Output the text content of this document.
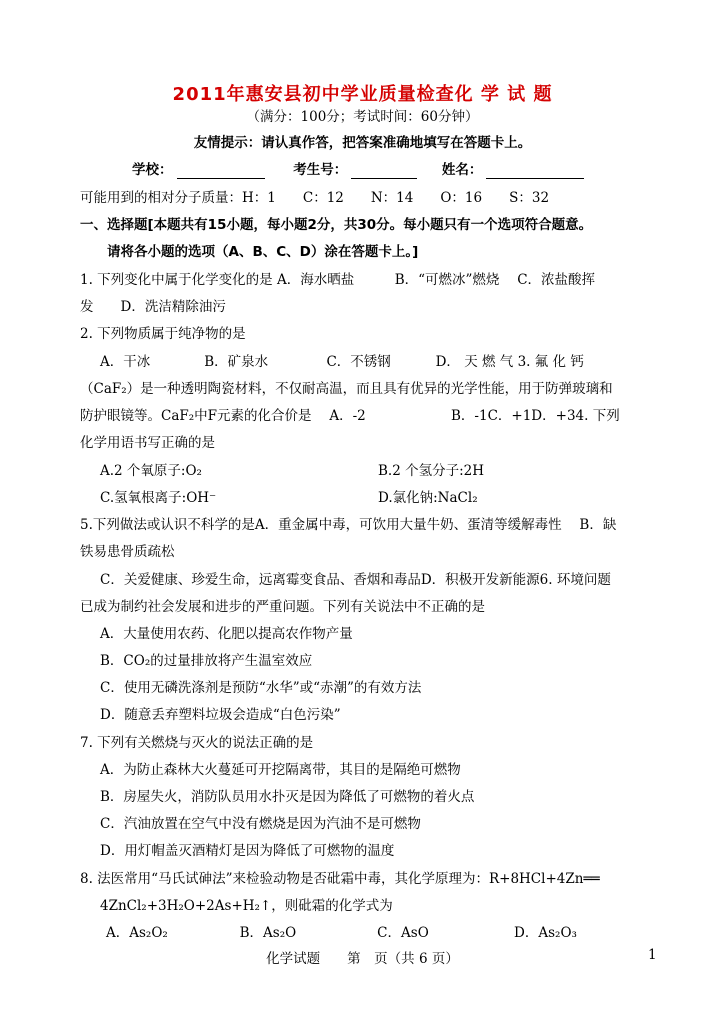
2011年惠安县初中学业质量检查化 学 试 题
（满分：100分；考试时间：60分钟）
友情提示：请认真作答，把答案准确地填写在答题卡上。
学校：	考生号：	姓名：
可能用到的相对分子质量：H：1　　C：12　　N：14　　O：16　　S：32
一、选择题[本题共有15小题，每小题2分，共30分。每小题只有一个选项符合题意。
请将各小题的选项（A、B、C、D）涂在答题卡上。]
1. 下列变化中属于化学变化的是 A．海水晒盐　　　B．“可燃冰”燃烧　 C．浓盐酸挥
发　　D．洗洁精除油污
2. 下列物质属于纯净物的是
A．干冰　　　　B．矿泉水　　　　 C．不锈钢　　　 D． 天 燃 气 3. 氟 化 钙
（CaF₂）是一种透明陶瓷材料，不仅耐高温，而且具有优异的光学性能，用于防弹玻璃和
防护眼镜等。CaF₂中F元素的化合价是　 A．-2　　　　　　 B．-1C．+1D．+34. 下列
化学用语书写正确的是
A.2 个氧原子:O₂	B.2 个氢分子:2H
C.氢氧根离子:OH⁻	D.氯化钠:NaCl₂
5.下列做法或认识不科学的是A．重金属中毒，可饮用大量牛奶、蛋清等缓解毒性　 B．缺
铁易患骨质疏松
C．关爱健康、珍爱生命，远离霉变食品、香烟和毒品D．积极开发新能源6. 环境问题
已成为制约社会发展和进步的严重问题。下列有关说法中不正确的是
A．大量使用农药、化肥以提高农作物产量
B．CO₂的过量排放将产生温室效应
C．使用无磷洗涤剂是预防“水华”或“赤潮”的有效方法
D．随意丢弃塑料垃圾会造成“白色污染”
7. 下列有关燃烧与灭火的说法正确的是
A．为防止森林大火蔓延可开挖隔离带，其目的是隔绝可燃物
B．房屋失火，消防队员用水扑灭是因为降低了可燃物的着火点
C．汽油放置在空气中没有燃烧是因为汽油不是可燃物
D．用灯帽盖灭酒精灯是因为降低了可燃物的温度
8. 法医常用“马氏试砷法”来检验动物是否砒霜中毒，其化学原理为：R+8HCl+4Zn══
4ZnCl₂+3H₂O+2As+H₂↑，则砒霜的化学式为
A．As₂O₂　　　　　 B．As₂O　　　　　　C．AsO　　　　　　 D．As₂O₃
化学试题　　第　页（共 6 页）	1
